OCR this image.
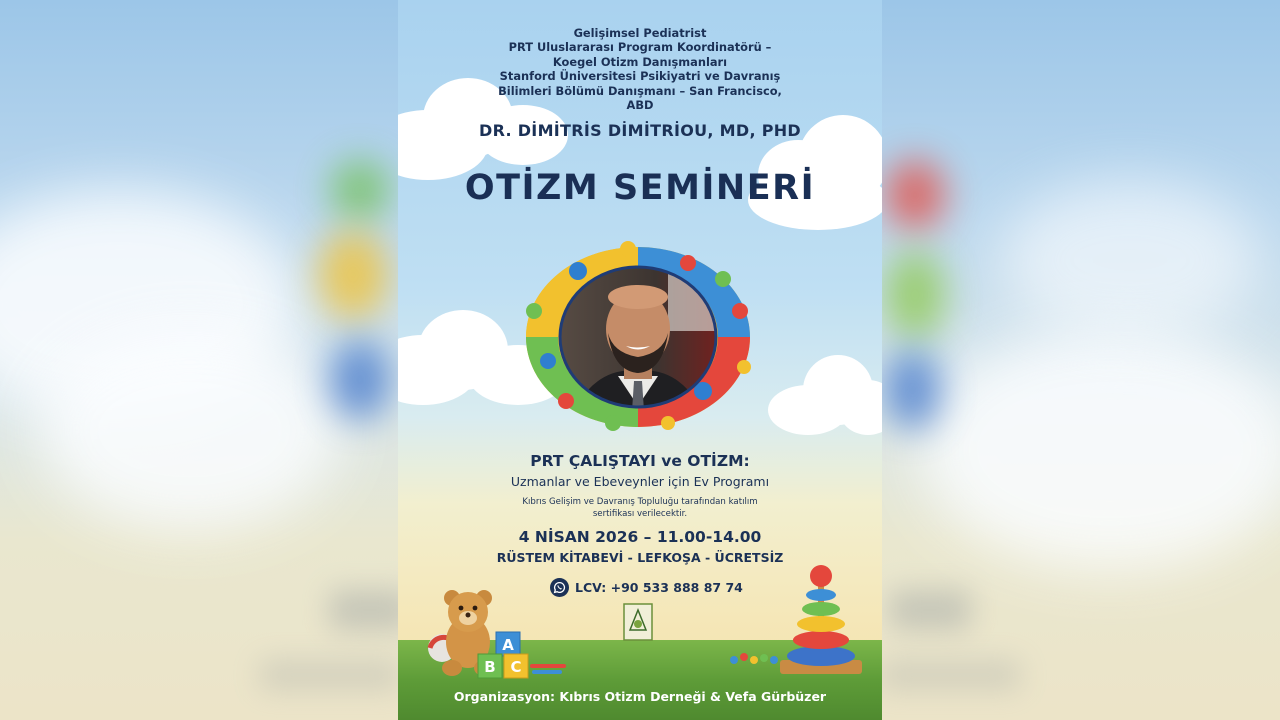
Gelişimsel Pediatrist
PRT Uluslararası Program Koordinatörü –
Koegel Otizm Danışmanları
Stanford Üniversitesi Psikiyatri ve Davranış
Bilimleri Bölümü Danışmanı – San Francisco,
ABD
DR. DİMİTRİS DİMİTRİOU, MD, PHD
OTİZM SEMİNERİ
PRT ÇALIŞTAYI ve OTİZM:
Uzmanlar ve Ebeveynler için Ev Programı
Kıbrıs Gelişim ve Davranış Topluluğu tarafından katılım
sertifikası verilecektir.
4 NİSAN 2026 – 11.00-14.00
RÜSTEM KİTABEVİ - LEFKOŞA - ÜCRETSİZ
LCV: +90 533 888 87 74
A
B C
Organizasyon: Kıbrıs Otizm Derneği & Vefa Gürbüzer
